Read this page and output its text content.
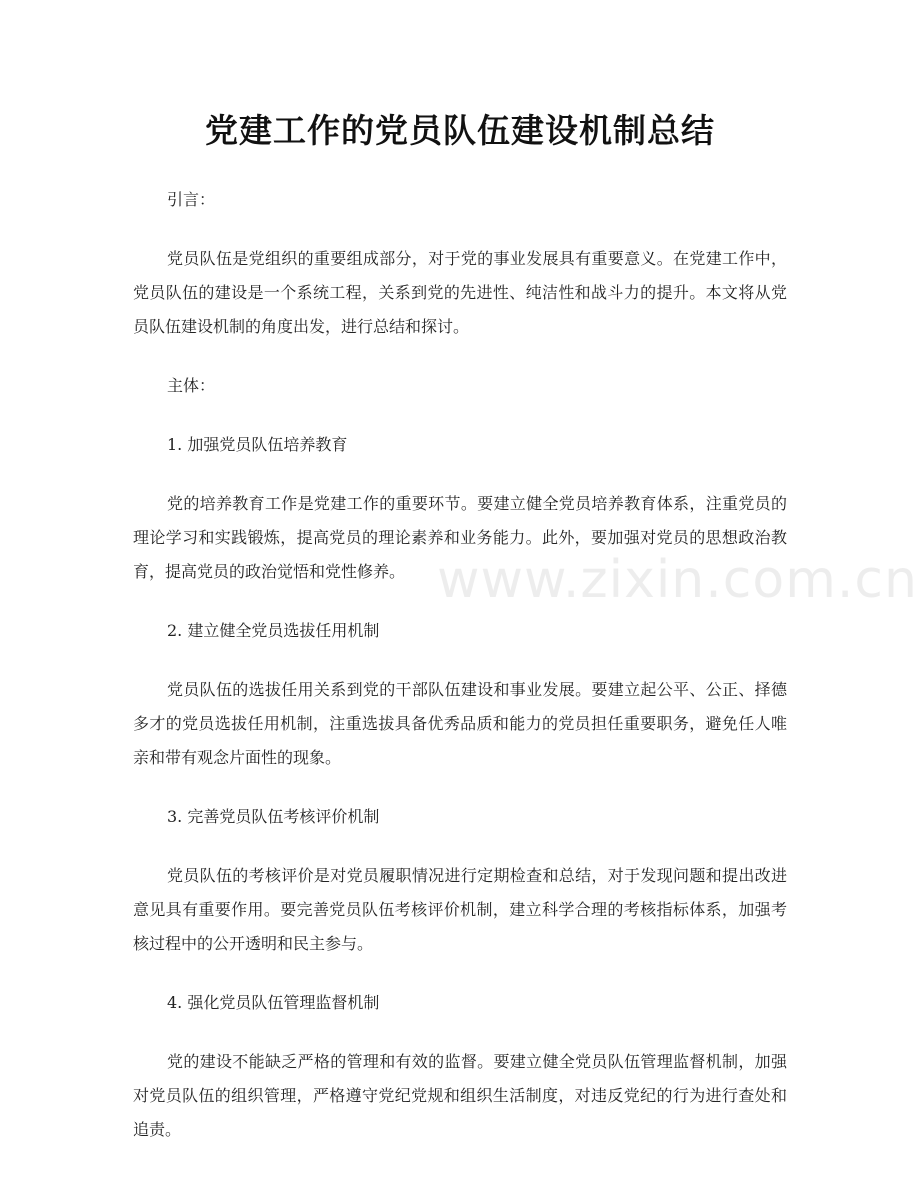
党建工作的党员队伍建设机制总结

引言：

党员队伍是党组织的重要组成部分，对于党的事业发展具有重要意义。在党建工作中，党员队伍的建设是一个系统工程，关系到党的先进性、纯洁性和战斗力的提升。本文将从党员队伍建设机制的角度出发，进行总结和探讨。

主体：

1. 加强党员队伍培养教育

党的培养教育工作是党建工作的重要环节。要建立健全党员培养教育体系，注重党员的理论学习和实践锻炼，提高党员的理论素养和业务能力。此外，要加强对党员的思想政治教育，提高党员的政治觉悟和党性修养。

2. 建立健全党员选拔任用机制

党员队伍的选拔任用关系到党的干部队伍建设和事业发展。要建立起公平、公正、择德多才的党员选拔任用机制，注重选拔具备优秀品质和能力的党员担任重要职务，避免任人唯亲和带有观念片面性的现象。

3. 完善党员队伍考核评价机制

党员队伍的考核评价是对党员履职情况进行定期检查和总结，对于发现问题和提出改进意见具有重要作用。要完善党员队伍考核评价机制，建立科学合理的考核指标体系，加强考核过程中的公开透明和民主参与。

4. 强化党员队伍管理监督机制

党的建设不能缺乏严格的管理和有效的监督。要建立健全党员队伍管理监督机制，加强对党员队伍的组织管理，严格遵守党纪党规和组织生活制度，对违反党纪的行为进行查处和追责。

www.zixin.com.cn
